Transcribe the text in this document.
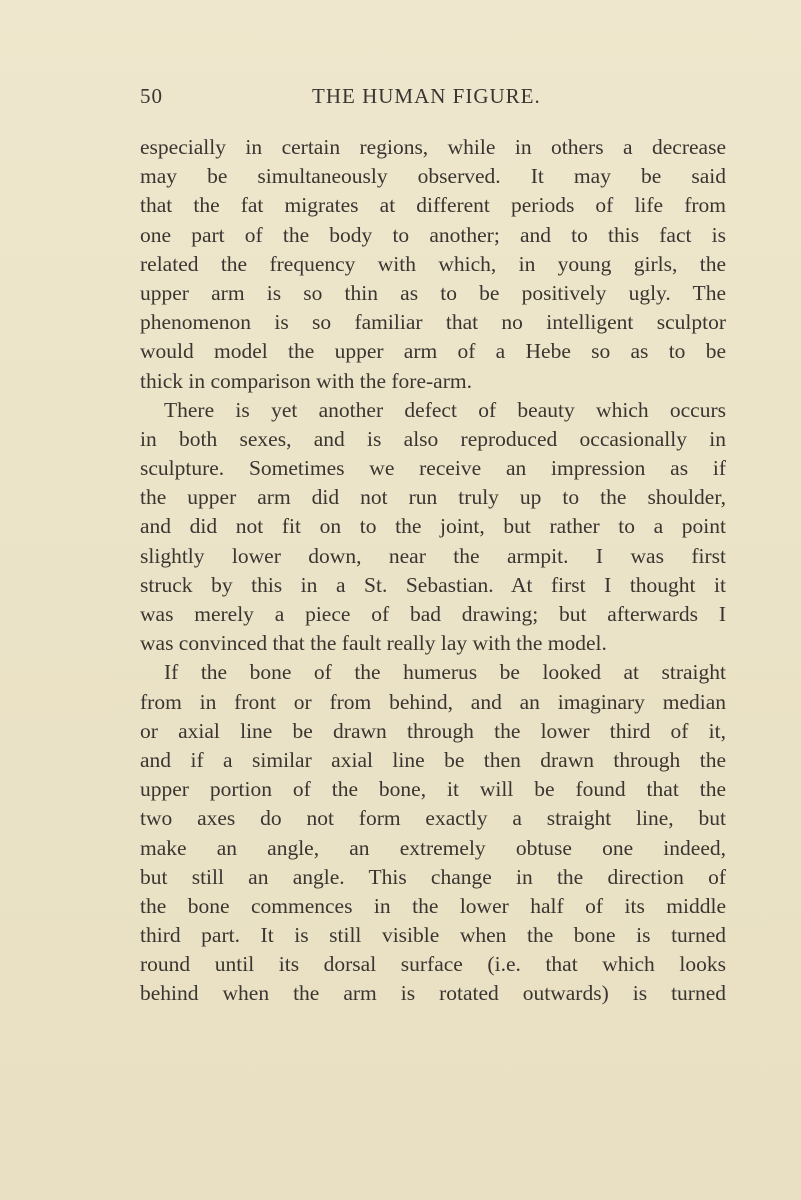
50	THE HUMAN FIGURE.
especially in certain regions, while in others a decrease
may be simultaneously observed. It may be said
that the fat migrates at different periods of life from
one part of the body to another; and to this fact is
related the frequency with which, in young girls, the
upper arm is so thin as to be positively ugly. The
phenomenon is so familiar that no intelligent sculptor
would model the upper arm of a Hebe so as to be
thick in comparison with the fore-arm.
There is yet another defect of beauty which occurs
in both sexes, and is also reproduced occasionally in
sculpture. Sometimes we receive an impression as if
the upper arm did not run truly up to the shoulder,
and did not fit on to the joint, but rather to a point
slightly lower down, near the armpit. I was first
struck by this in a St. Sebastian. At first I thought it
was merely a piece of bad drawing; but afterwards I
was convinced that the fault really lay with the model.
If the bone of the humerus be looked at straight
from in front or from behind, and an imaginary median
or axial line be drawn through the lower third of it,
and if a similar axial line be then drawn through the
upper portion of the bone, it will be found that the
two axes do not form exactly a straight line, but
make an angle, an extremely obtuse one indeed,
but still an angle. This change in the direction of
the bone commences in the lower half of its middle
third part. It is still visible when the bone is turned
round until its dorsal surface (i.e. that which looks
behind when the arm is rotated outwards) is turned
